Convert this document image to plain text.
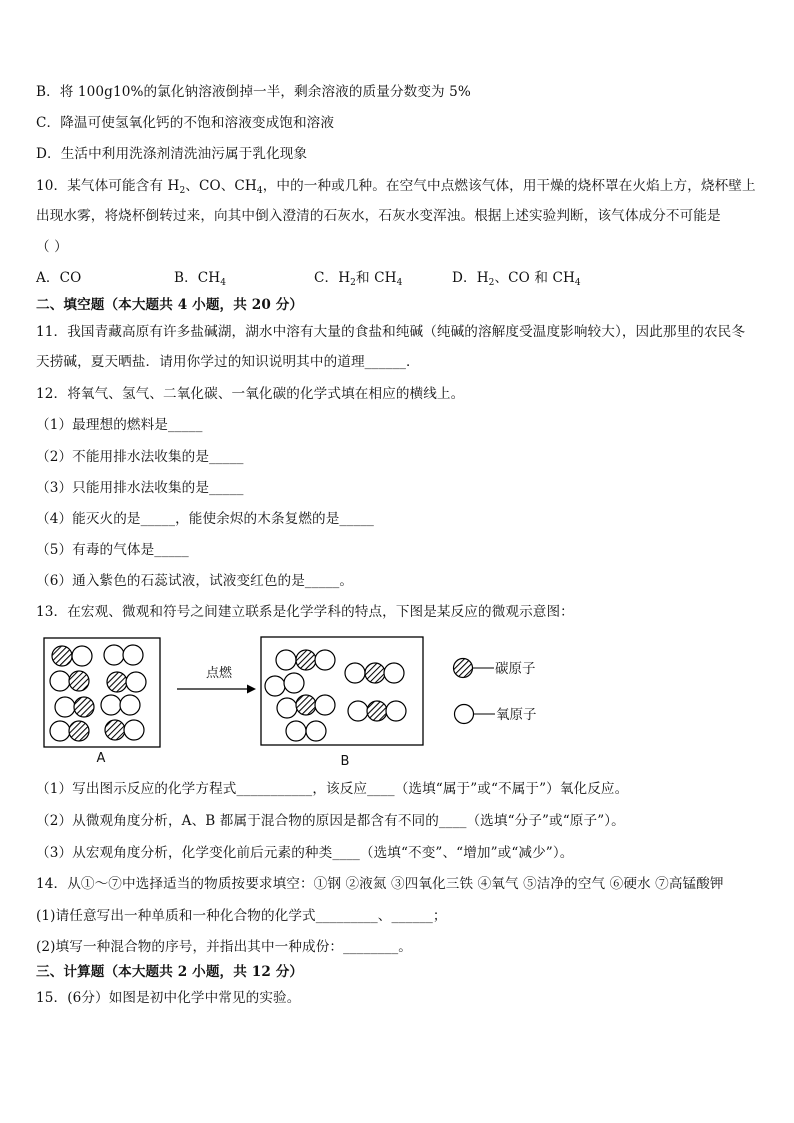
B．将 100g10%的氯化钠溶液倒掉一半，剩余溶液的质量分数变为 5%
C．降温可使氢氧化钙的不饱和溶液变成饱和溶液
D．生活中利用洗涤剂清洗油污属于乳化现象
10．某气体可能含有 $H_2$、CO、$CH_4$，中的一种或几种。在空气中点燃该气体，用干燥的烧杯罩在火焰上方，烧杯壁上
出现水雾，将烧杯倒转过来，向其中倒入澄清的石灰水，石灰水变浑浊。根据上述实验判断，该气体成分不可能是
（ ）
A．CO	B．$CH_4$	C．$H_2$和 $CH_4$	D．$H_2$、CO 和 $CH_4$
二、填空题（本大题共 4 小题，共 20 分）
11．我国青藏高原有许多盐碱湖，湖水中溶有大量的食盐和纯碱（纯碱的溶解度受温度影响较大），因此那里的农民冬
天捞碱，夏天晒盐．请用你学过的知识说明其中的道理______．
12．将氧气、氢气、二氧化碳、一氧化碳的化学式填在相应的横线上。
（1）最理想的燃料是_____
（2）不能用排水法收集的是_____
（3）只能用排水法收集的是_____
（4）能灭火的是_____，能使余烬的木条复燃的是_____
（5）有毒的气体是_____
（6）通入紫色的石蕊试液，试液变红色的是_____。
13．在宏观、微观和符号之间建立联系是化学学科的特点，下图是某反应的微观示意图：
A
点燃
B
碳原子
氧原子
（1）写出图示反应的化学方程式___________，该反应____（选填“属于”或“不属于”）氧化反应。
（2）从微观角度分析，A、B 都属于混合物的原因是都含有不同的____（选填“分子”或“原子”）。
（3）从宏观角度分析，化学变化前后元素的种类____（选填“不变”、“增加”或“减少”）。
14．从①～⑦中选择适当的物质按要求填空：①钢 ②液氮 ③四氧化三铁 ④氧气 ⑤洁净的空气 ⑥硬水 ⑦高锰酸钾
(1)请任意写出一种单质和一种化合物的化学式_________、______；
(2)填写一种混合物的序号，并指出其中一种成份：________。
三、计算题（本大题共 2 小题，共 12 分）
15．(6分）如图是初中化学中常见的实验。
